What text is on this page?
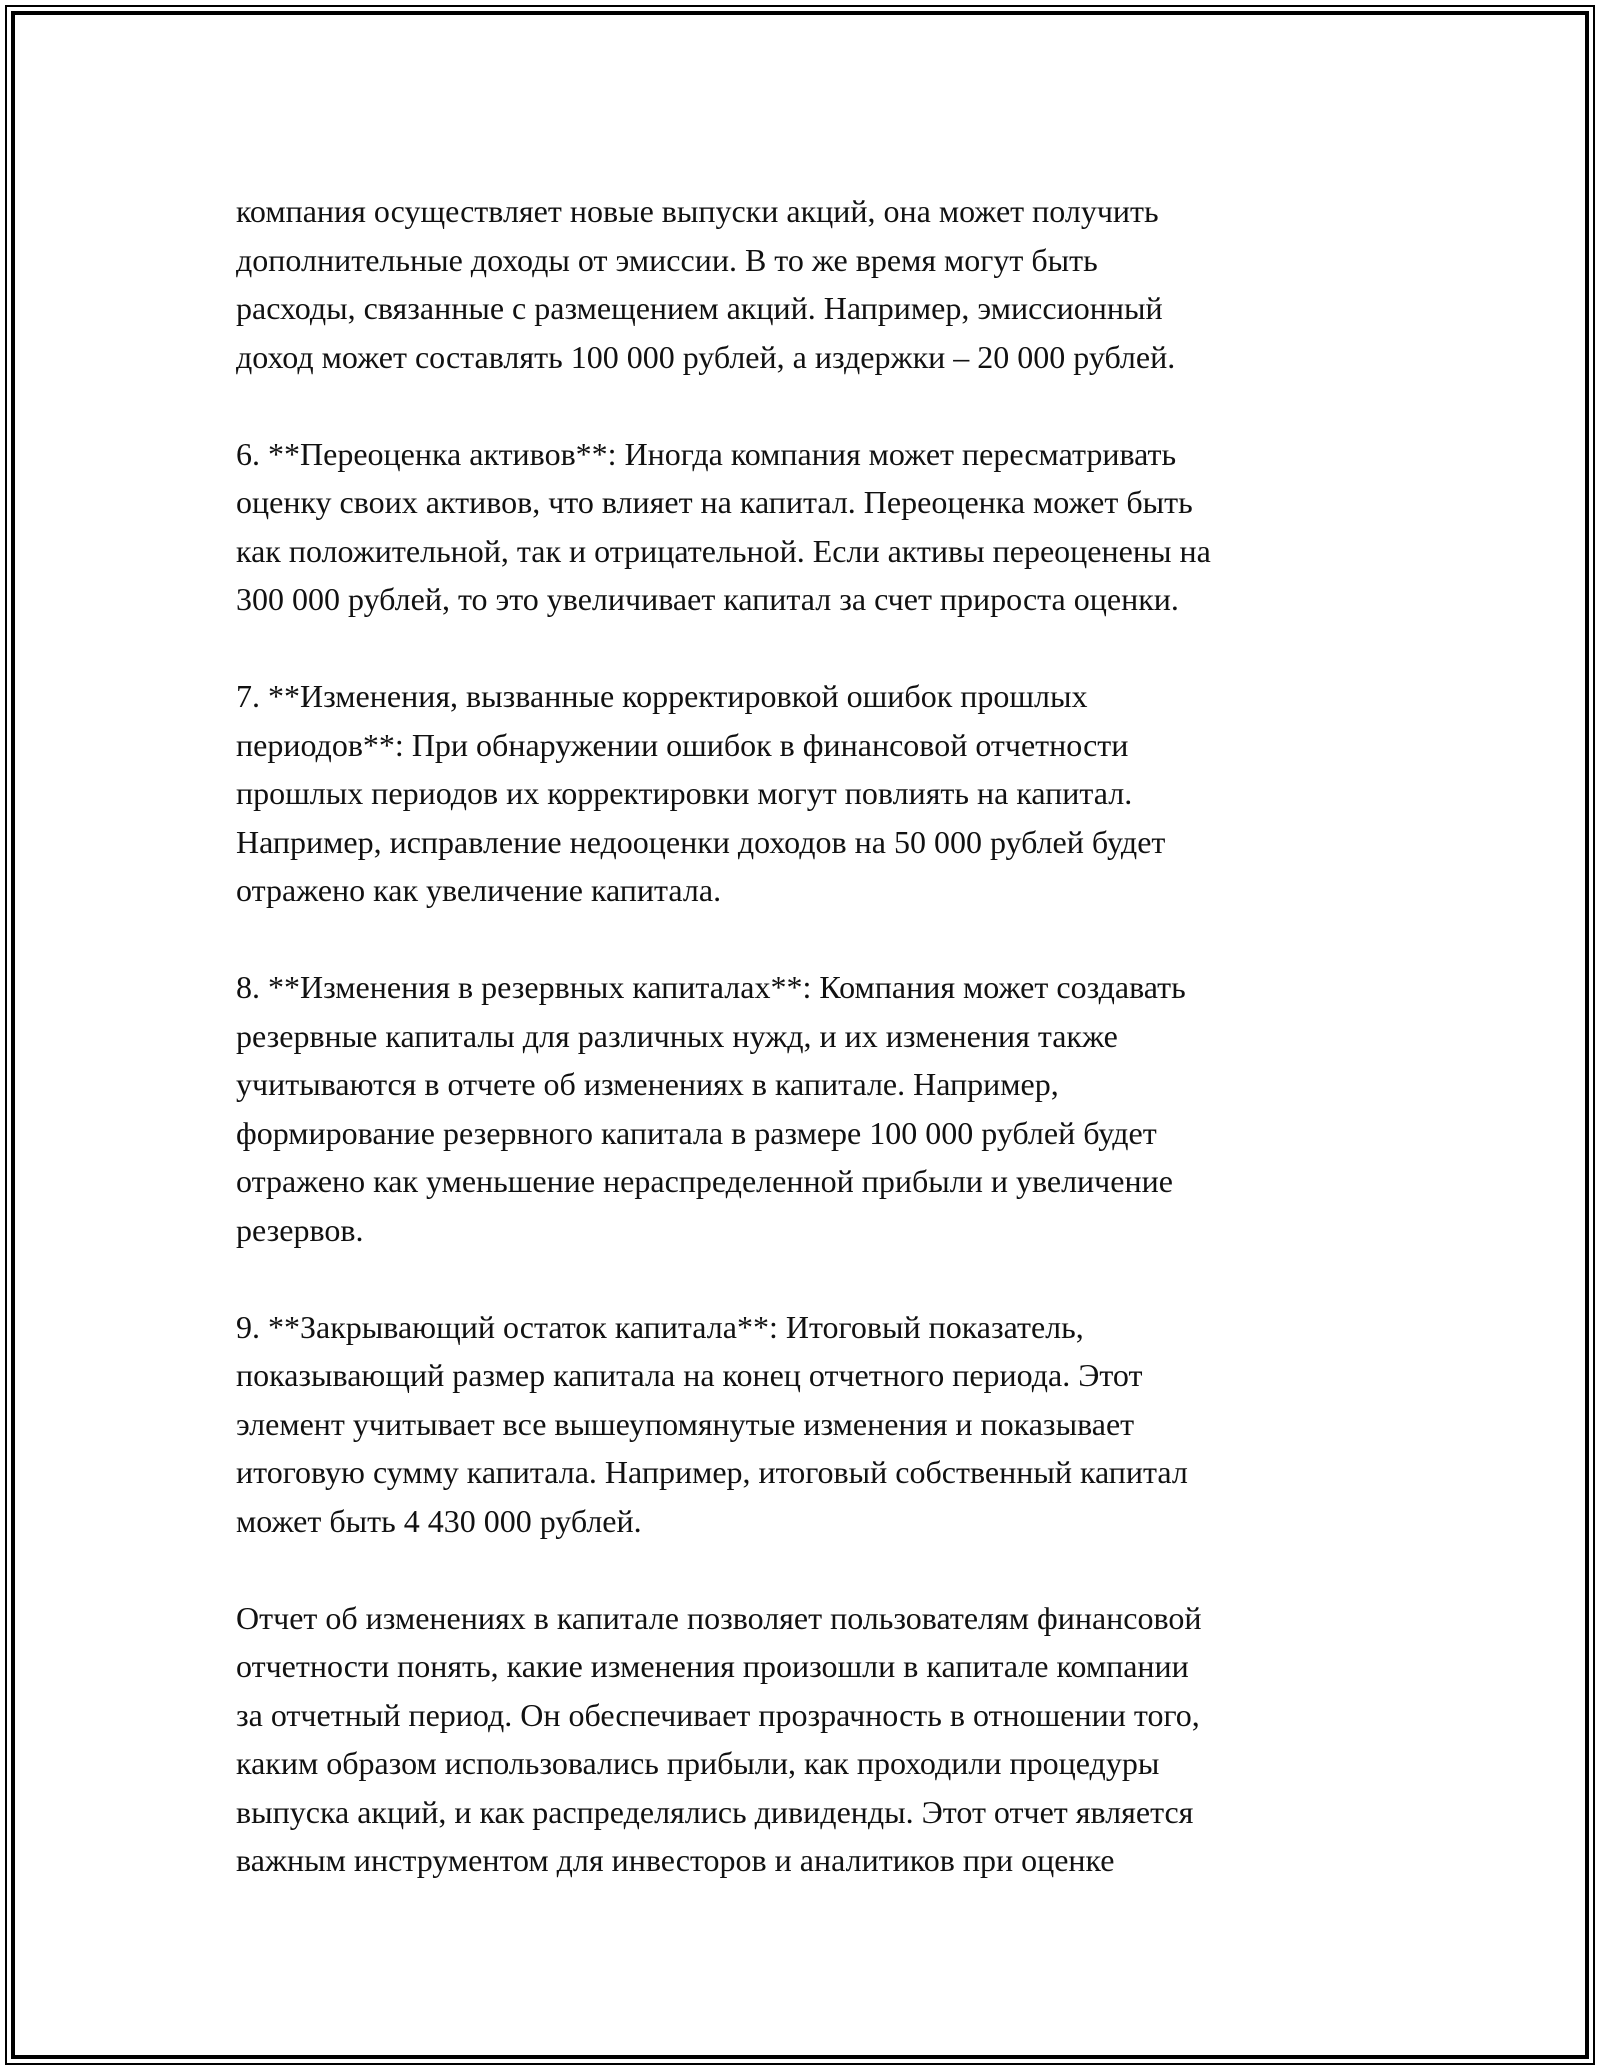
компания осуществляет новые выпуски акций, она может получить
дополнительные доходы от эмиссии. В то же время могут быть
расходы, связанные с размещением акций. Например, эмиссионный
доход может составлять 100 000 рублей, а издержки – 20 000 рублей.

6. **Переоценка активов**: Иногда компания может пересматривать
оценку своих активов, что влияет на капитал. Переоценка может быть
как положительной, так и отрицательной. Если активы переоценены на
300 000 рублей, то это увеличивает капитал за счет прироста оценки.

7. **Изменения, вызванные корректировкой ошибок прошлых
периодов**: При обнаружении ошибок в финансовой отчетности
прошлых периодов их корректировки могут повлиять на капитал.
Например, исправление недооценки доходов на 50 000 рублей будет
отражено как увеличение капитала.

8. **Изменения в резервных капиталах**: Компания может создавать
резервные капиталы для различных нужд, и их изменения также
учитываются в отчете об изменениях в капитале. Например,
формирование резервного капитала в размере 100 000 рублей будет
отражено как уменьшение нераспределенной прибыли и увеличение
резервов.

9. **Закрывающий остаток капитала**: Итоговый показатель,
показывающий размер капитала на конец отчетного периода. Этот
элемент учитывает все вышеупомянутые изменения и показывает
итоговую сумму капитала. Например, итоговый собственный капитал
может быть 4 430 000 рублей.

Отчет об изменениях в капитале позволяет пользователям финансовой
отчетности понять, какие изменения произошли в капитале компании
за отчетный период. Он обеспечивает прозрачность в отношении того,
каким образом использовались прибыли, как проходили процедуры
выпуска акций, и как распределялись дивиденды. Этот отчет является
важным инструментом для инвесторов и аналитиков при оценке
